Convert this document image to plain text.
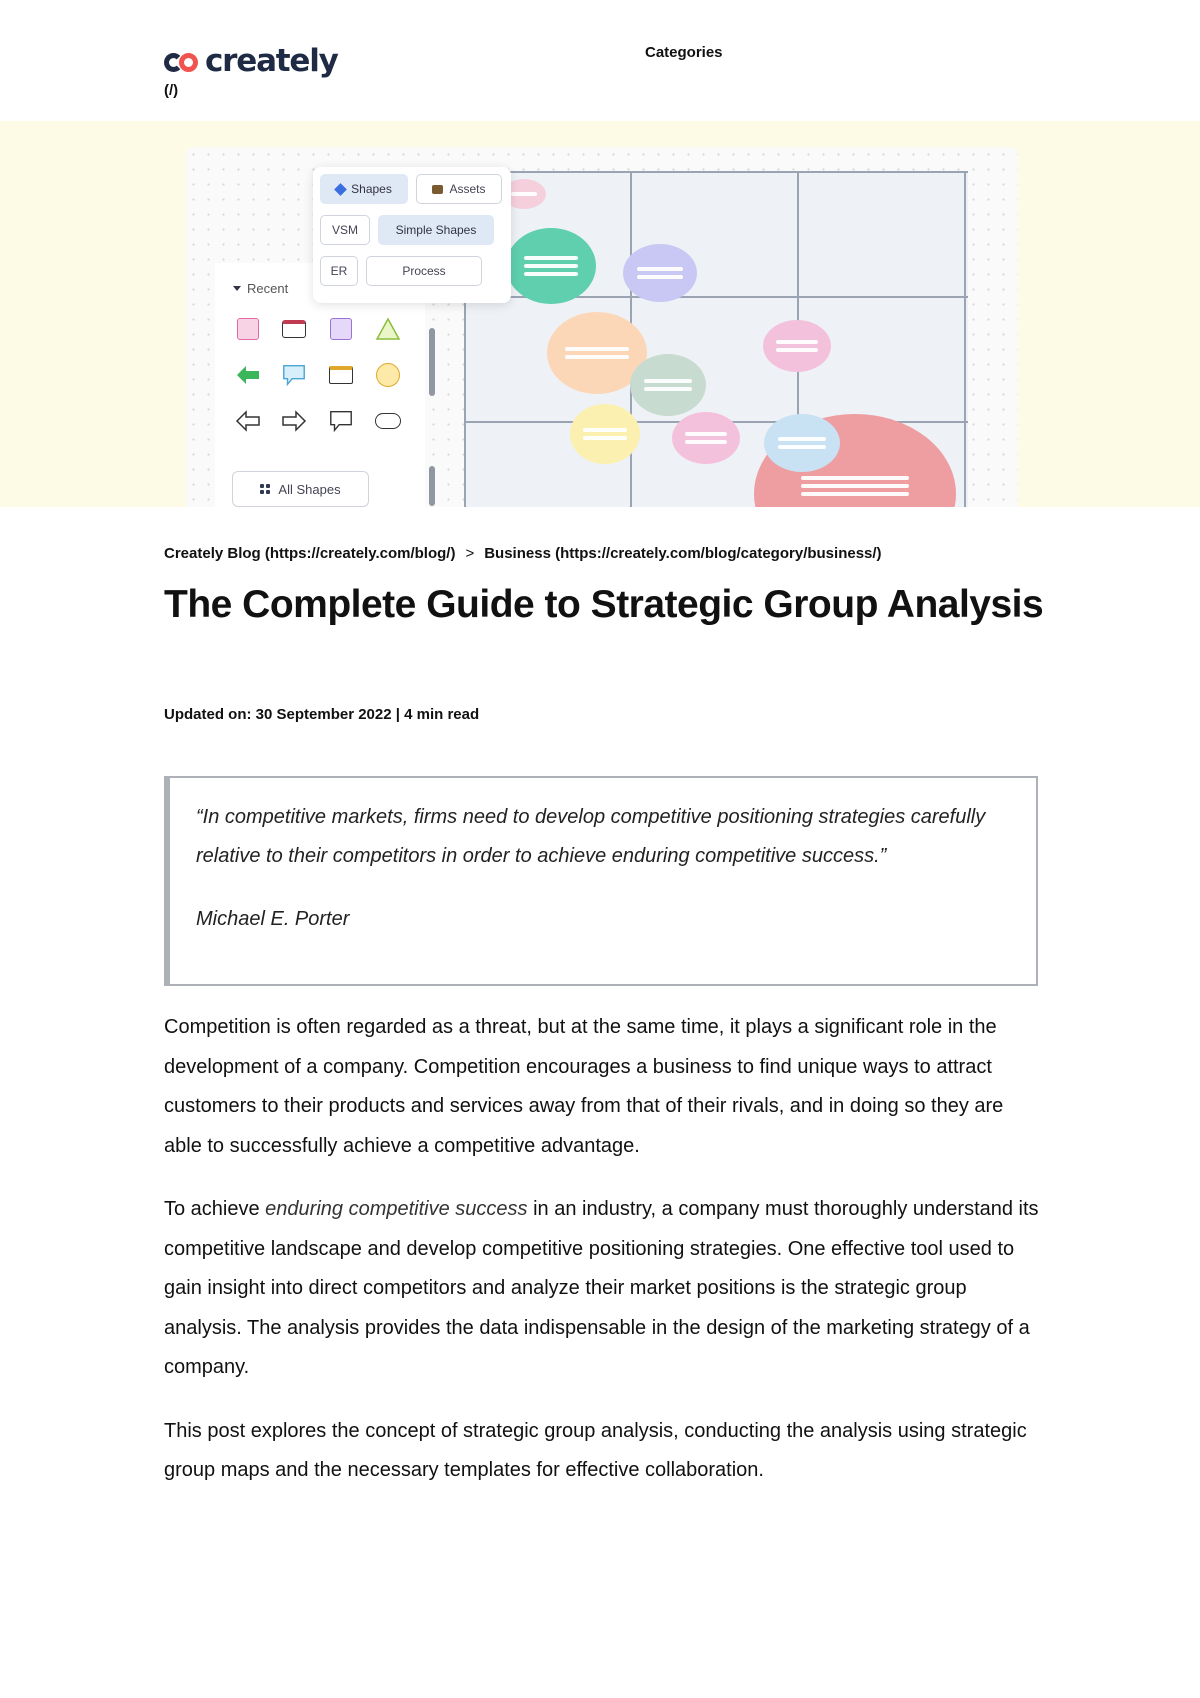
creately
(/)
Categories
Recent
All Shapes
Shapes	Assets
VSM	Simple Shapes
ER	Process
Creately Blog (https://creately.com/blog/) > Business (https://creately.com/blog/category/business/)
The Complete Guide to Strategic Group Analysis
Updated on: 30 September 2022 | 4 min read

“In competitive markets, firms need to develop competitive positioning strategies carefully relative to their competitors in order to achieve enduring competitive success.”

Michael E. Porter

Competition is often regarded as a threat, but at the same time, it plays a significant role in the development of a company. Competition encourages a business to find unique ways to attract customers to their products and services away from that of their rivals, and in doing so they are able to successfully achieve a competitive advantage.

To achieve enduring competitive success in an industry, a company must thoroughly understand its competitive landscape and develop competitive positioning strategies. One effective tool used to gain insight into direct competitors and analyze their market positions is the strategic group analysis. The analysis provides the data indispensable in the design of the marketing strategy of a company.

This post explores the concept of strategic group analysis, conducting the analysis using strategic group maps and the necessary templates for effective collaboration.
